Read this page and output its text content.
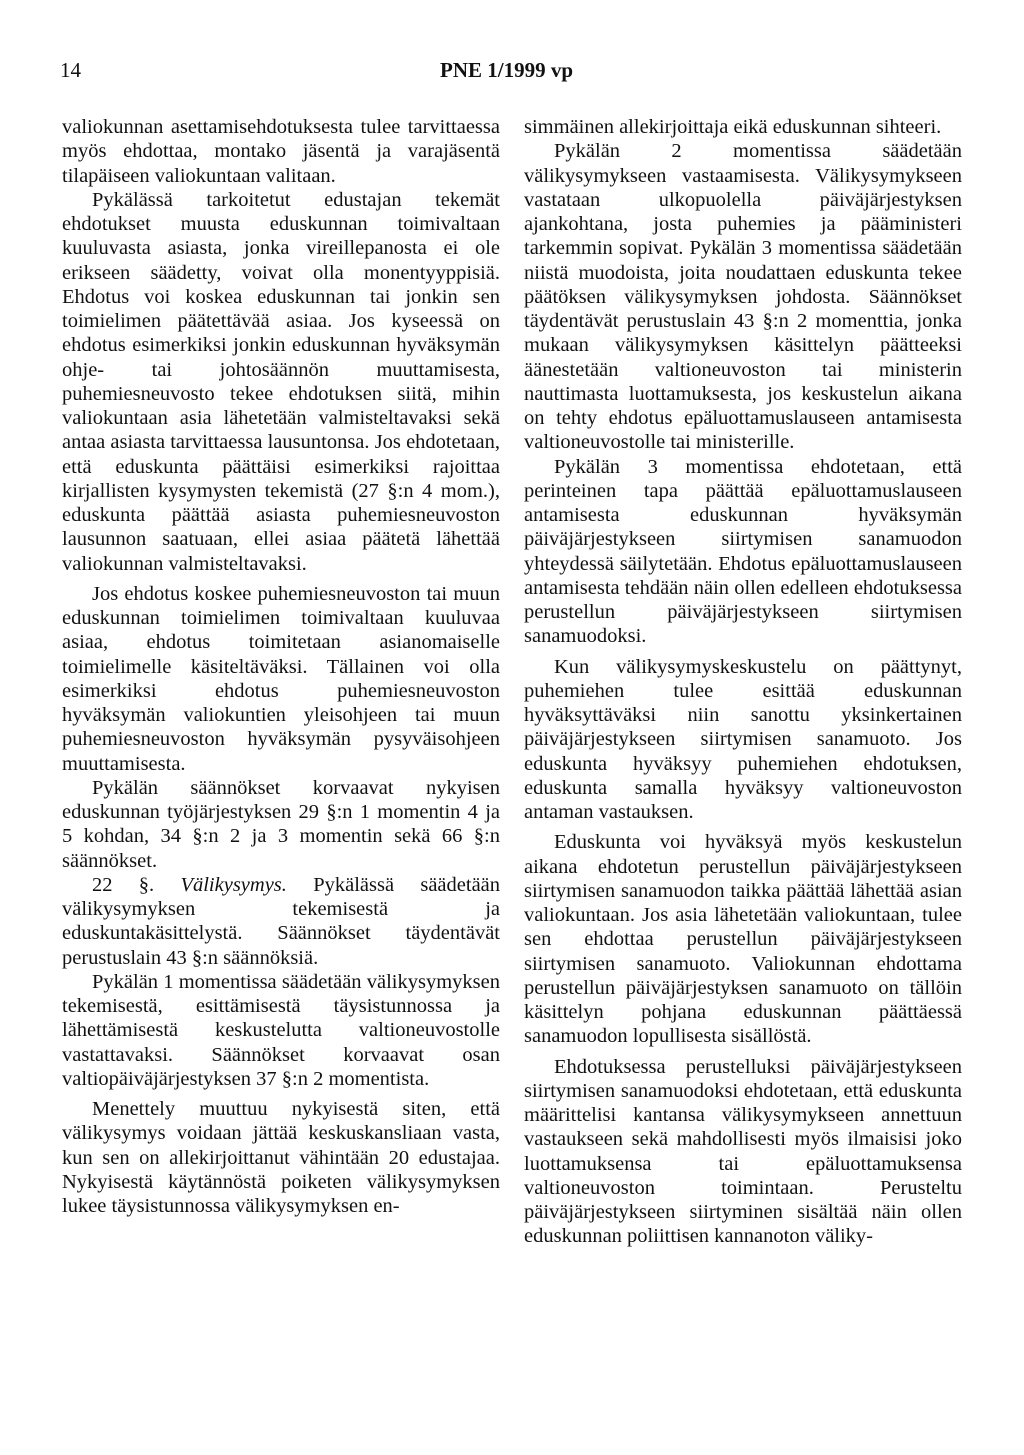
14	PNE 1/1999 vp

valiokunnan asettamisehdotuksesta tulee tarvittaessa myös ehdottaa, montako jäsentä ja varajäsentä tilapäiseen valiokuntaan valitaan.

Pykälässä tarkoitetut edustajan tekemät ehdotukset muusta eduskunnan toimivaltaan kuuluvasta asiasta, jonka vireillepanosta ei ole erikseen säädetty, voivat olla monentyyppisiä. Ehdotus voi koskea eduskunnan tai jonkin sen toimielimen päätettävää asiaa. Jos kyseessä on ehdotus esimerkiksi jonkin eduskunnan hyväksymän ohje- tai johtosäännön muuttamisesta, puhemiesneuvosto tekee ehdotuksen siitä, mihin valiokuntaan asia lähetetään valmisteltavaksi sekä antaa asiasta tarvittaessa lausuntonsa. Jos ehdotetaan, että eduskunta päättäisi esimerkiksi rajoittaa kirjallisten kysymysten tekemistä (27 §:n 4 mom.), eduskunta päättää asiasta puhemiesneuvoston lausunnon saatuaan, ellei asiaa päätetä lähettää valiokunnan valmisteltavaksi.

Jos ehdotus koskee puhemiesneuvoston tai muun eduskunnan toimielimen toimivaltaan kuuluvaa asiaa, ehdotus toimitetaan asianomaiselle toimielimelle käsiteltäväksi. Tällainen voi olla esimerkiksi ehdotus puhemiesneuvoston hyväksymän valiokuntien yleisohjeen tai muun puhemiesneuvoston hyväksymän pysyväisohjeen muuttamisesta.

Pykälän säännökset korvaavat nykyisen eduskunnan työjärjestyksen 29 §:n 1 momentin 4 ja 5 kohdan, 34 §:n 2 ja 3 momentin sekä 66 §:n säännökset.

22 §. Välikysymys. Pykälässä säädetään välikysymyksen tekemisestä ja eduskuntakäsittelystä. Säännökset täydentävät perustuslain 43 §:n säännöksiä.

Pykälän 1 momentissa säädetään välikysymyksen tekemisestä, esittämisestä täysistunnossa ja lähettämisestä keskustelutta valtioneuvostolle vastattavaksi. Säännökset korvaavat osan valtiopäiväjärjestyksen 37 §:n 2 momentista.

Menettely muuttuu nykyisestä siten, että välikysymys voidaan jättää keskuskansliaan vasta, kun sen on allekirjoittanut vähintään 20 edustajaa. Nykyisestä käytännöstä poiketen välikysymyksen lukee täysistunnossa välikysymyksen en-

simmäinen allekirjoittaja eikä eduskunnan sihteeri.

Pykälän 2 momentissa säädetään välikysymykseen vastaamisesta. Välikysymykseen vastataan ulkopuolella päiväjärjestyksen ajankohtana, josta puhemies ja pääministeri tarkemmin sopivat. Pykälän 3 momentissa säädetään niistä muodoista, joita noudattaen eduskunta tekee päätöksen välikysymyksen johdosta. Säännökset täydentävät perustuslain 43 §:n 2 momenttia, jonka mukaan välikysymyksen käsittelyn päätteeksi äänestetään valtioneuvoston tai ministerin nauttimasta luottamuksesta, jos keskustelun aikana on tehty ehdotus epäluottamuslauseen antamisesta valtioneuvostolle tai ministerille.

Pykälän 3 momentissa ehdotetaan, että perinteinen tapa päättää epäluottamuslauseen antamisesta eduskunnan hyväksymän päiväjärjestykseen siirtymisen sanamuodon yhteydessä säilytetään. Ehdotus epäluottamuslauseen antamisesta tehdään näin ollen edelleen ehdotuksessa perustellun päiväjärjestykseen siirtymisen sanamuodoksi.

Kun välikysymyskeskustelu on päättynyt, puhemiehen tulee esittää eduskunnan hyväksyttäväksi niin sanottu yksinkertainen päiväjärjestykseen siirtymisen sanamuoto. Jos eduskunta hyväksyy puhemiehen ehdotuksen, eduskunta samalla hyväksyy valtioneuvoston antaman vastauksen.

Eduskunta voi hyväksyä myös keskustelun aikana ehdotetun perustellun päiväjärjestykseen siirtymisen sanamuodon taikka päättää lähettää asian valiokuntaan. Jos asia lähetetään valiokuntaan, tulee sen ehdottaa perustellun päiväjärjestykseen siirtymisen sanamuoto. Valiokunnan ehdottama perustellun päiväjärjestyksen sanamuoto on tällöin käsittelyn pohjana eduskunnan päättäessä sanamuodon lopullisesta sisällöstä.

Ehdotuksessa perustelluksi päiväjärjestykseen siirtymisen sanamuodoksi ehdotetaan, että eduskunta määrittelisi kantansa välikysymykseen annettuun vastaukseen sekä mahdollisesti myös ilmaisisi joko luottamuksensa tai epäluottamuksensa valtioneuvoston toimintaan. Perusteltu päiväjärjestykseen siirtyminen sisältää näin ollen eduskunnan poliittisen kannanoton väliky-
